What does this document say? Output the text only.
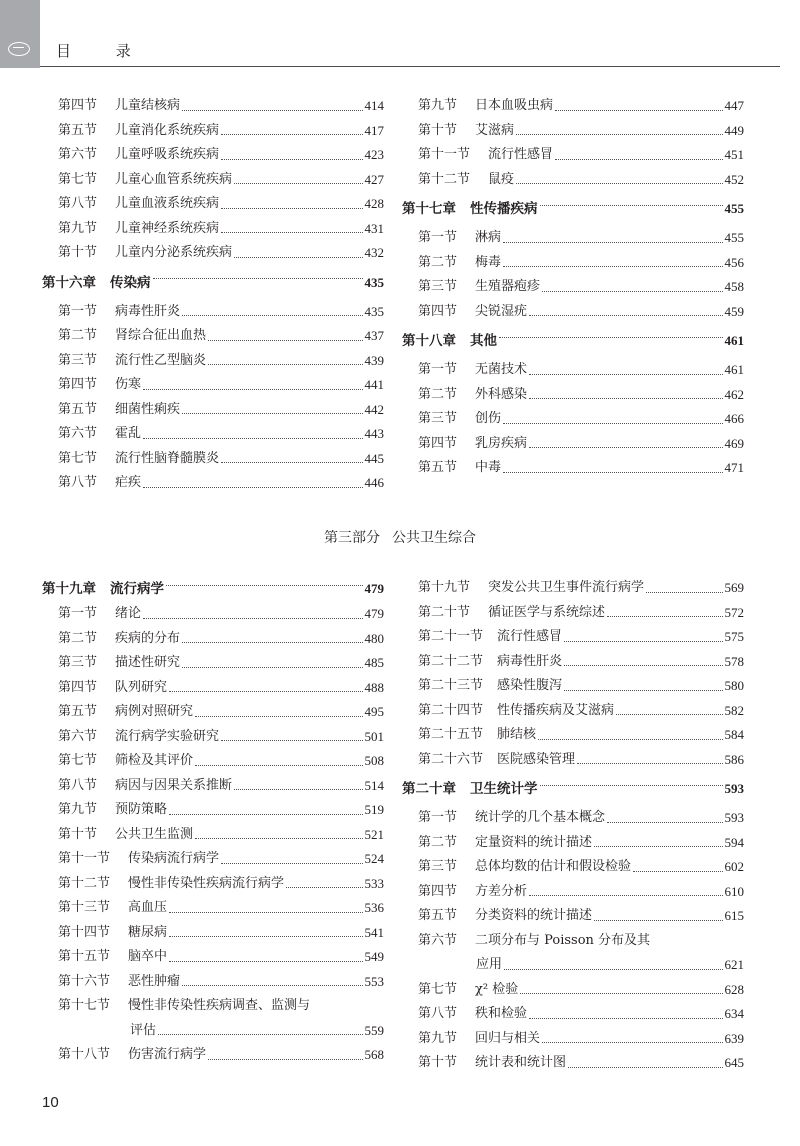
目 录
第四节 儿童结核病	414
第五节 儿童消化系统疾病	417
第六节 儿童呼吸系统疾病	423
第七节 儿童心血管系统疾病	427
第八节 儿童血液系统疾病	428
第九节 儿童神经系统疾病	431
第十节 儿童内分泌系统疾病	432
第十六章 传染病	435
第一节 病毒性肝炎	435
第二节 肾综合征出血热	437
第三节 流行性乙型脑炎	439
第四节 伤寒	441
第五节 细菌性痢疾	442
第六节 霍乱	443
第七节 流行性脑脊髓膜炎	445
第八节 疟疾	446
第九节 日本血吸虫病	447
第十节 艾滋病	449
第十一节 流行性感冒	451
第十二节 鼠疫	452
第十七章 性传播疾病	455
第一节 淋病	455
第二节 梅毒	456
第三节 生殖器疱疹	458
第四节 尖锐湿疣	459
第十八章 其他	461
第一节 无菌技术	461
第二节 外科感染	462
第三节 创伤	466
第四节 乳房疾病	469
第五节 中毒	471
第三部分 公共卫生综合
第十九章 流行病学	479
第一节 绪论	479
第二节 疾病的分布	480
第三节 描述性研究	485
第四节 队列研究	488
第五节 病例对照研究	495
第六节 流行病学实验研究	501
第七节 筛检及其评价	508
第八节 病因与因果关系推断	514
第九节 预防策略	519
第十节 公共卫生监测	521
第十一节 传染病流行病学	524
第十二节 慢性非传染性疾病流行病学	533
第十三节 高血压	536
第十四节 糖尿病	541
第十五节 脑卒中	549
第十六节 恶性肿瘤	553
第十七节 慢性非传染性疾病调查、监测与
评估	559
第十八节 伤害流行病学	568
第十九节 突发公共卫生事件流行病学	569
第二十节 循证医学与系统综述	572
第二十一节 流行性感冒	575
第二十二节 病毒性肝炎	578
第二十三节 感染性腹泻	580
第二十四节 性传播疾病及艾滋病	582
第二十五节 肺结核	584
第二十六节 医院感染管理	586
第二十章 卫生统计学	593
第一节 统计学的几个基本概念	593
第二节 定量资料的统计描述	594
第三节 总体均数的估计和假设检验	602
第四节 方差分析	610
第五节 分类资料的统计描述	615
第六节 二项分布与 Poisson 分布及其
应用	621
第七节 χ² 检验	628
第八节 秩和检验	634
第九节 回归与相关	639
第十节 统计表和统计图	645
10
